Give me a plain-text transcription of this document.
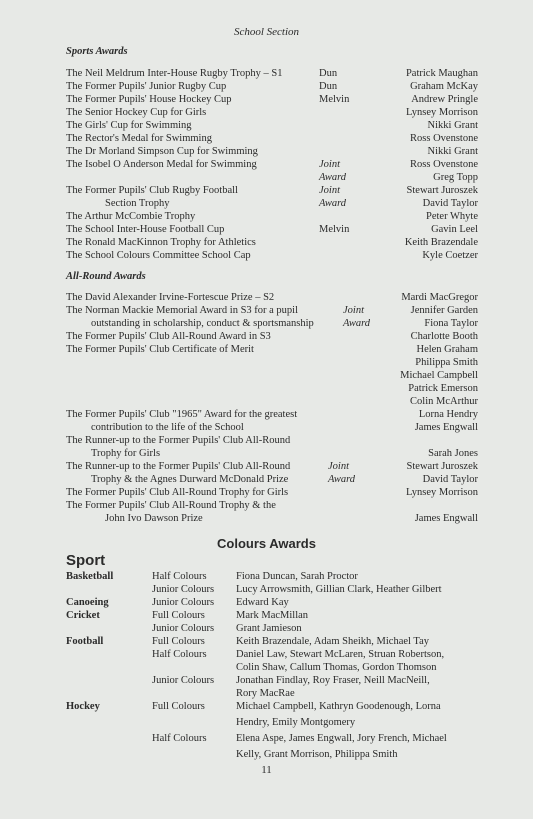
School Section
Sports Awards
The Neil Meldrum Inter-House Rugby Trophy – S1	Dun	Patrick Maughan
The Former Pupils' Junior Rugby Cup	Dun	Graham McKay
The Former Pupils' House Hockey Cup	Melvin	Andrew Pringle
The Senior Hockey Cup for Girls	Lynsey Morrison
The Girls' Cup for Swimming	Nikki Grant
The Rector's Medal for Swimming	Ross Ovenstone
The Dr Morland Simpson Cup for Swimming	Nikki Grant
The Isobel O Anderson Medal for Swimming	Joint	Ross Ovenstone
Award	Greg Topp
The Former Pupils' Club Rugby Football	Joint	Stewart Juroszek
Section Trophy	Award	David Taylor
The Arthur McCombie Trophy	Peter Whyte
The School Inter-House Football Cup	Melvin	Gavin Leel
The Ronald MacKinnon Trophy for Athletics	Keith Brazendale
The School Colours Committee School Cap	Kyle Coetzer
All-Round Awards
The David Alexander Irvine-Fortescue Prize – S2	Mardi MacGregor
The Norman Mackie Memorial Award in S3 for a pupil	Joint	Jennifer Garden
outstanding in scholarship, conduct & sportsmanship	Award	Fiona Taylor
The Former Pupils' Club All-Round Award in S3	Charlotte Booth
The Former Pupils' Club Certificate of Merit	Helen Graham
Philippa Smith
Michael Campbell
Patrick Emerson
Colin McArthur
The Former Pupils' Club "1965" Award for the greatest	Lorna Hendry
contribution to the life of the School	James Engwall
The Runner-up to the Former Pupils' Club All-Round
Trophy for Girls	Sarah Jones
The Runner-up to the Former Pupils' Club All-Round	Joint	Stewart Juroszek
Trophy & the Agnes Durward McDonald Prize	Award	David Taylor
The Former Pupils' Club All-Round Trophy for Girls	Lynsey Morrison
The Former Pupils' Club All-Round Trophy & the
John Ivo Dawson Prize	James Engwall
Colours Awards
Sport
Basketball	Half Colours	Fiona Duncan, Sarah Proctor
Junior Colours Lucy Arrowsmith, Gillian Clark, Heather Gilbert
Canoeing	Junior Colours Edward Kay
Cricket	Full Colours	Mark MacMillan
Junior Colours Grant Jamieson
Football	Full Colours	Keith Brazendale, Adam Sheikh, Michael Tay
Half Colours	Daniel Law, Stewart McLaren, Struan Robertson,
Colin Shaw, Callum Thomas, Gordon Thomson
Junior Colours Jonathan Findlay, Roy Fraser, Neill MacNeill,
Rory MacRae
Hockey	Full Colours	Michael Campbell, Kathryn Goodenough, Lorna
Hendry, Emily Montgomery
Half Colours	Elena Aspe, James Engwall, Jory French, Michael
Kelly, Grant Morrison, Philippa Smith
11
